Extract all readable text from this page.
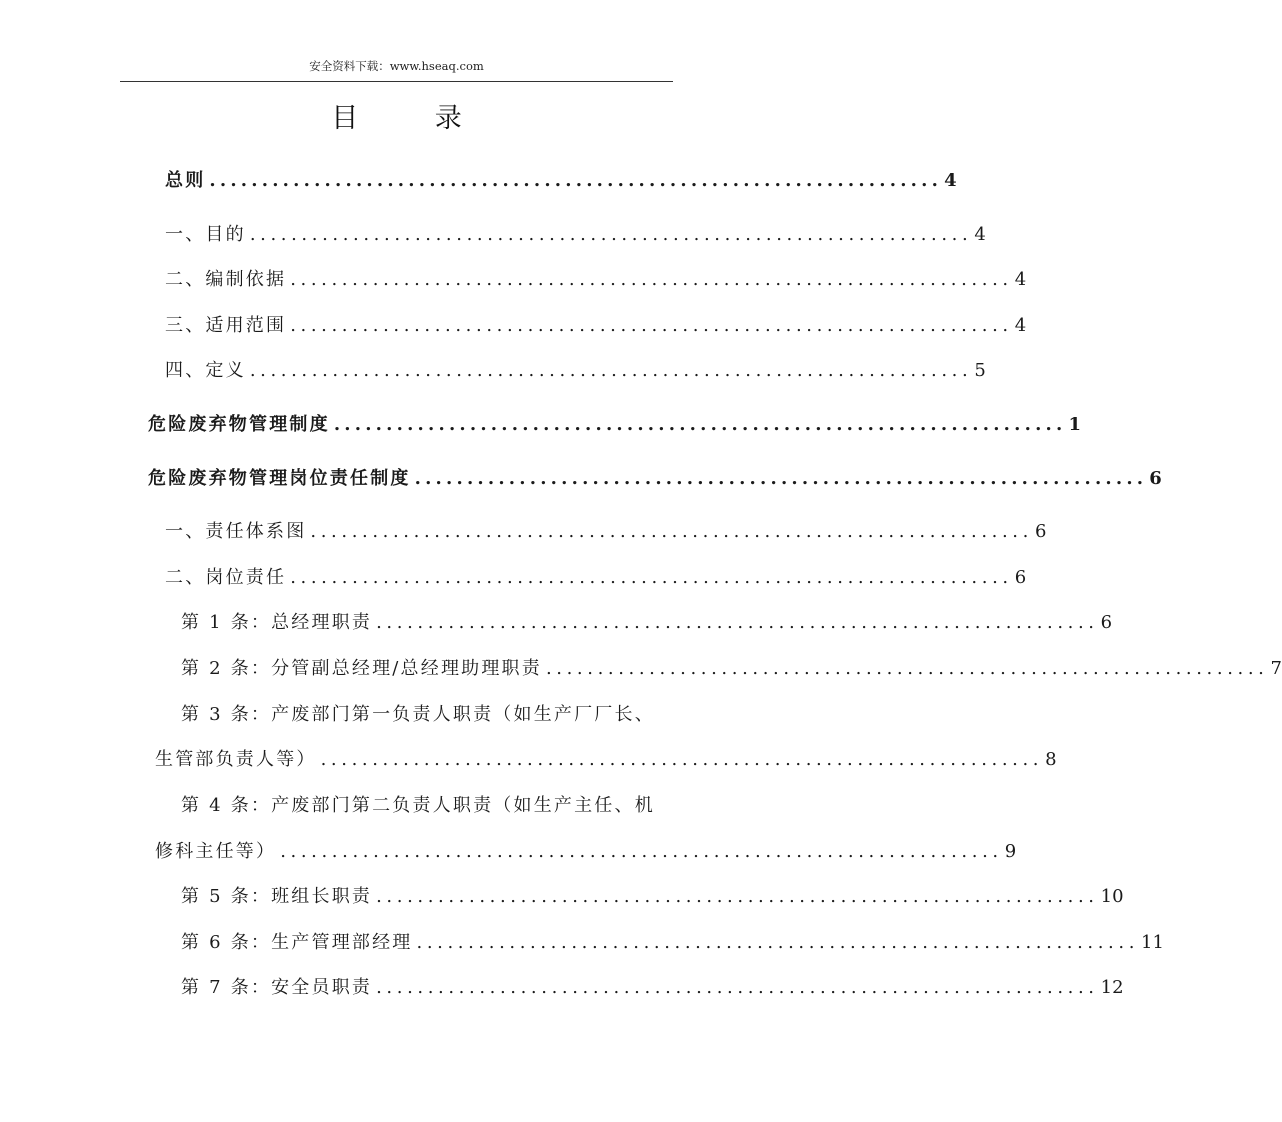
安全资料下载：www.hseaq.com
目 录
总则 ...................................................................... 4
一、目的 ...................................................................... 4
二、编制依据 ...................................................................... 4
三、适用范围 ...................................................................... 4
四、定义 ...................................................................... 5
危险废弃物管理制度 ...................................................................... 1
危险废弃物管理岗位责任制度 ...................................................................... 6
一、责任体系图 ...................................................................... 6
二、岗位责任 ...................................................................... 6
第 1 条：总经理职责 ...................................................................... 6
第 2 条：分管副总经理/总经理助理职责 ...................................................................... 7
第 3 条：产废部门第一负责人职责（如生产厂厂长、
生管部负责人等） ...................................................................... 8
第 4 条：产废部门第二负责人职责（如生产主任、机
修科主任等） ...................................................................... 9
第 5 条：班组长职责 ...................................................................... 10
第 6 条：生产管理部经理 ...................................................................... 11
第 7 条：安全员职责 ...................................................................... 12
